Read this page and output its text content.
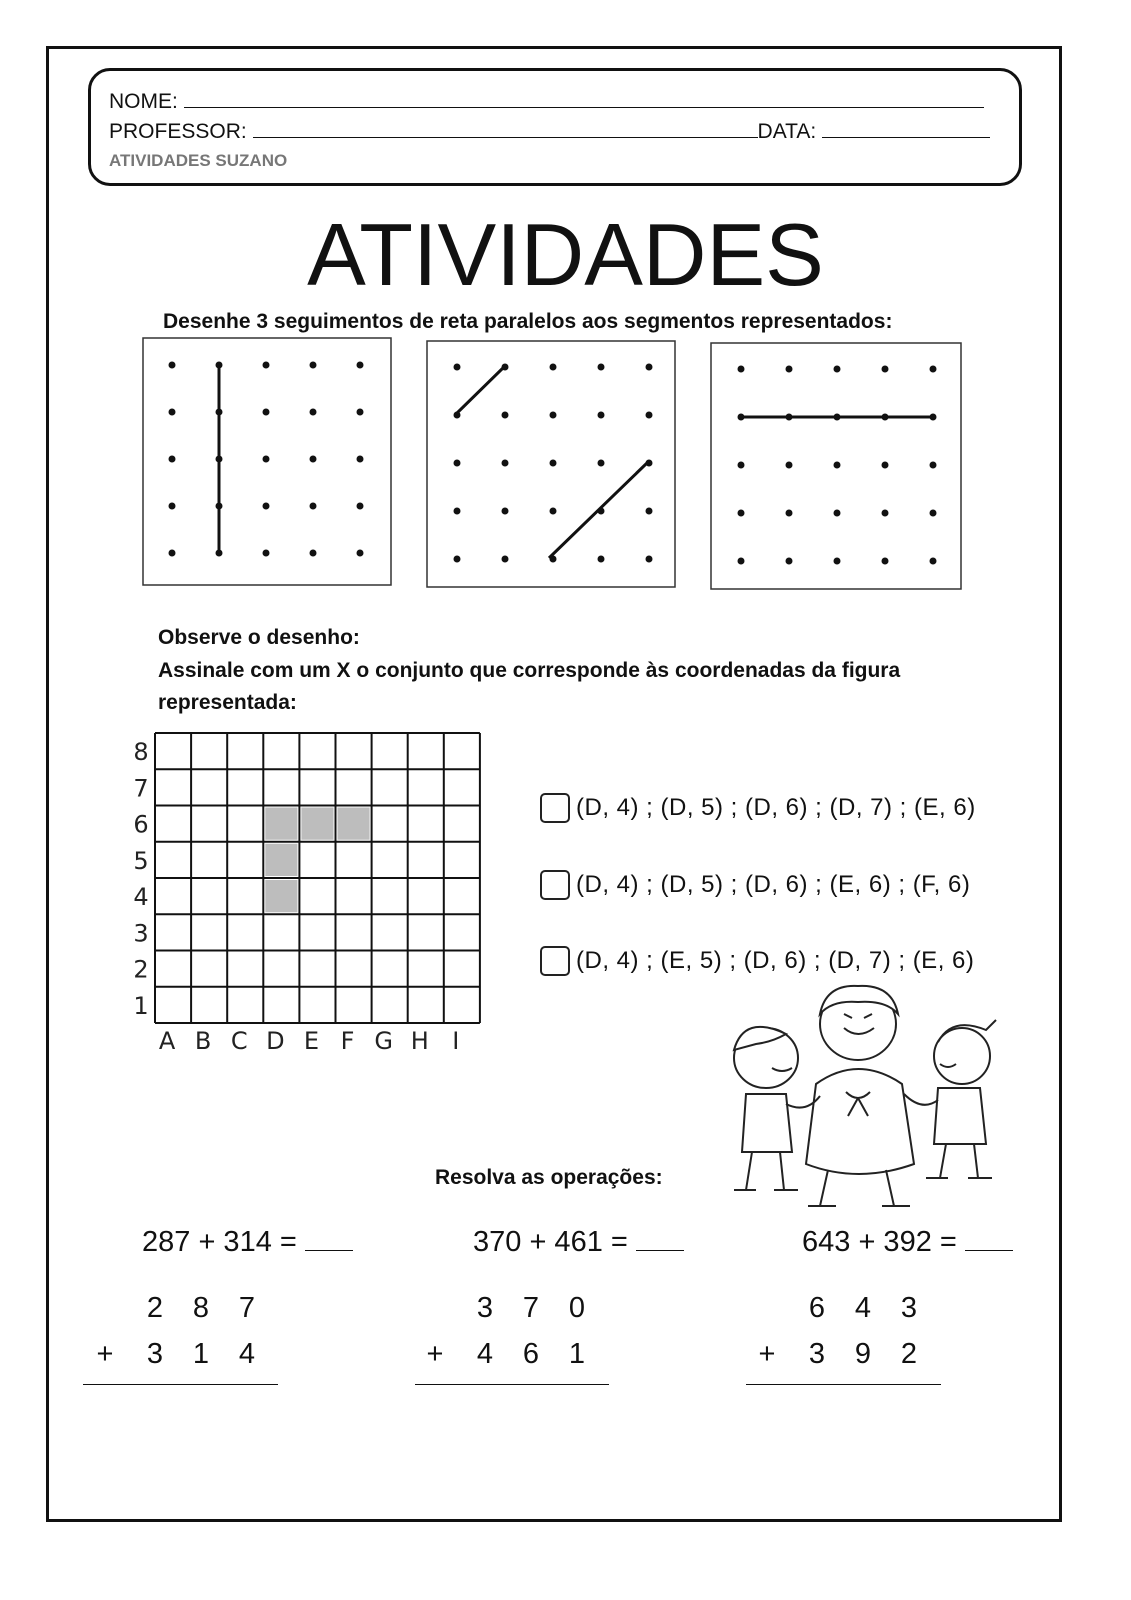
NOME:
PROFESSOR:	DATA:
ATIVIDADES SUZANO
ATIVIDADES
Desenhe 3 seguimentos de reta paralelos aos segmentos representados:
Observe o desenho:
Assinale com um X o conjunto que corresponde às coordenadas da figura
representada:
8
7
6
5
4
3
2
1
A B C D E F G H I
(D, 4) ; (D, 5) ; (D, 6) ; (D, 7) ; (E, 6)
(D, 4) ; (D, 5) ; (D, 6) ; (E, 6) ; (F, 6)
(D, 4) ; (E, 5) ; (D, 6) ; (D, 7) ; (E, 6)
Resolva as operações:
287 + 314 =	370 + 461 =	643 + 392 =
2 8 7
+ 3 1 4
3 7 0
+ 4 6 1
6 4 3
+ 3 9 2
